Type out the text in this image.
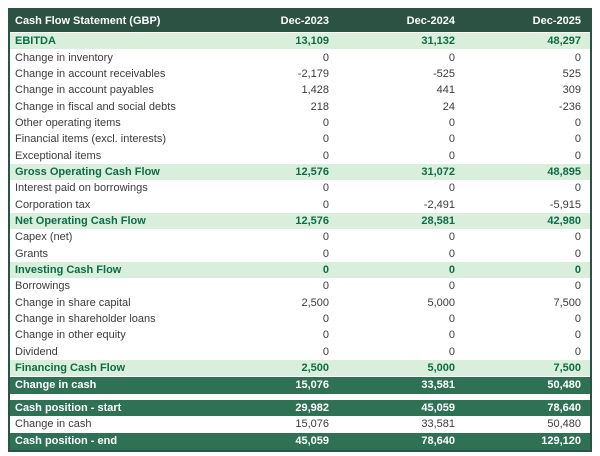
Cash Flow Statement (GBP)	Dec-2023	Dec-2024	Dec-2025
EBITDA	13,109	31,132	48,297
Change in inventory	0	0	0
Change in account receivables	-2,179	-525	525
Change in account payables	1,428	441	309
Change in fiscal and social debts	218	24	-236
Other operating items	0	0	0
Financial items (excl. interests)	0	0	0
Exceptional items	0	0	0
Gross Operating Cash Flow	12,576	31,072	48,895
Interest paid on borrowings	0	0	0
Corporation tax	0	-2,491	-5,915
Net Operating Cash Flow	12,576	28,581	42,980
Capex (net)	0	0	0
Grants	0	0	0
Investing Cash Flow	0	0	0
Borrowings	0	0	0
Change in share capital	2,500	5,000	7,500
Change in shareholder loans	0	0	0
Change in other equity	0	0	0
Dividend	0	0	0
Financing Cash Flow	2,500	5,000	7,500
Change in cash	15,076	33,581	50,480
Cash position - start	29,982	45,059	78,640
Change in cash	15,076	33,581	50,480
Cash position - end	45,059	78,640	129,120
